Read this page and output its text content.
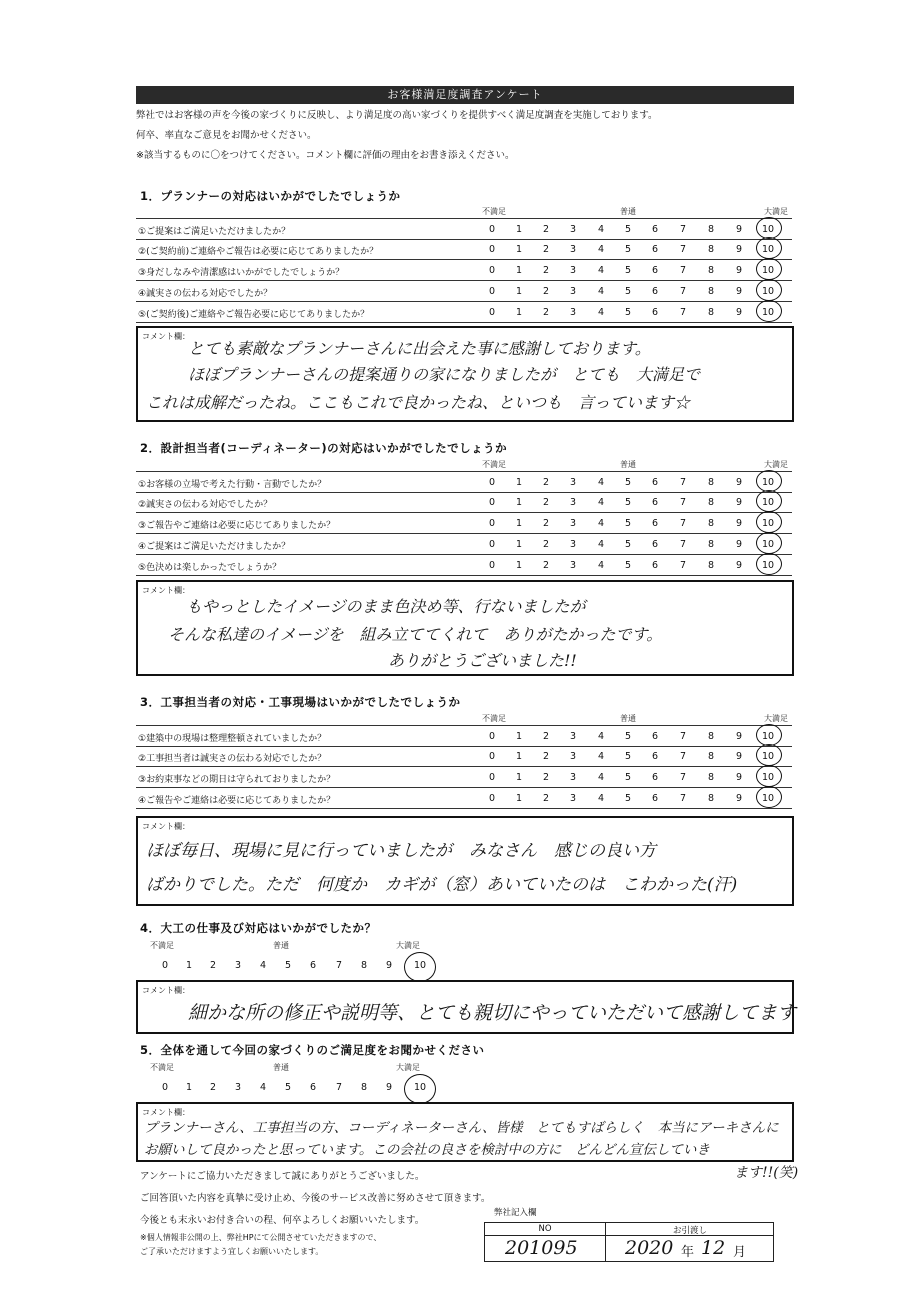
お客様満足度調査アンケート
弊社ではお客様の声を今後の家づくりに反映し、より満足度の高い家づくりを提供すべく満足度調査を実施しております。
何卒、率直なご意見をお聞かせください。
※該当するものに〇をつけてください。コメント欄に評価の理由をお書き添えください。
1．プランナーの対応はいかがでしたでしょうか
不満足	普通	大満足
①ご提案はご満足いただけましたか？	0	1	2	3	4	5	6	7	8	9	10
②(ご契約前)ご連絡やご報告は必要に応じてありましたか？	0	1	2	3	4	5	6	7	8	9	10
③身だしなみや清潔感はいかがでしたでしょうか？	0	1	2	3	4	5	6	7	8	9	10
④誠実さの伝わる対応でしたか？	0	1	2	3	4	5	6	7	8	9	10
⑤(ご契約後)ご連絡やご報告必要に応じてありましたか？	0	1	2	3	4	5	6	7	8	9	10
コメント欄：
とても素敵なプランナーさんに出会えた事に感謝しております。
ほぼプランナーさんの提案通りの家になりましたが　とても　大満足で
これは成解だったね。ここもこれで良かったね、といつも　言っています☆
2．設計担当者(コーディネーター)の対応はいかがでしたでしょうか
不満足	普通	大満足
①お客様の立場で考えた行動・言動でしたか？	0	1	2	3	4	5	6	7	8	9	10
②誠実さの伝わる対応でしたか？	0	1	2	3	4	5	6	7	8	9	10
③ご報告やご連絡は必要に応じてありましたか？	0	1	2	3	4	5	6	7	8	9	10
④ご提案はご満足いただけましたか？	0	1	2	3	4	5	6	7	8	9	10
⑤色決めは楽しかったでしょうか？	0	1	2	3	4	5	6	7	8	9	10
コメント欄：
もやっとしたイメージのまま色決め等、行ないましたが
そんな私達のイメージを　組み立ててくれて　ありがたかったです。
ありがとうございました!!
3．工事担当者の対応・工事現場はいかがでしたでしょうか
不満足	普通	大満足
①建築中の現場は整理整頓されていましたか？	0	1	2	3	4	5	6	7	8	9	10
②工事担当者は誠実さの伝わる対応でしたか？	0	1	2	3	4	5	6	7	8	9	10
③お約束事などの期日は守られておりましたか？	0	1	2	3	4	5	6	7	8	9	10
④ご報告やご連絡は必要に応じてありましたか？	0	1	2	3	4	5	6	7	8	9	10
コメント欄：
ほぼ毎日、現場に見に行っていましたが　みなさん　感じの良い方
ばかりでした。ただ　何度か　カギが（窓）あいていたのは　こわかった(汗)
4．大工の仕事及び対応はいかがでしたか？
不満足	普通	大満足
0 1 2 3 4 5 6 7 8 9 10
コメント欄：
細かな所の修正や説明等、とても親切にやっていただいて感謝してます
5．全体を通して今回の家づくりのご満足度をお聞かせください
不満足	普通	大満足
0 1 2 3 4 5 6 7 8 9 10
コメント欄：
プランナーさん、工事担当の方、コーディネーターさん、皆様　とてもすばらしく　本当にアーキさんに
お願いして良かったと思っています。この会社の良さを検討中の方に　どんどん宣伝していき
ます!!(笑)
アンケートにご協力いただきまして誠にありがとうございました。
ご回答頂いた内容を真摯に受け止め、今後のサービス改善に努めさせて頂きます。
今後とも末永いお付き合いの程、何卒よろしくお願いいたします。
※個人情報非公開の上、弊社HPにて公開させていただきますので、
ご了承いただけますよう宜しくお願いいたします。
弊社記入欄
NO	お引渡し
201095 2020 年 12 月
